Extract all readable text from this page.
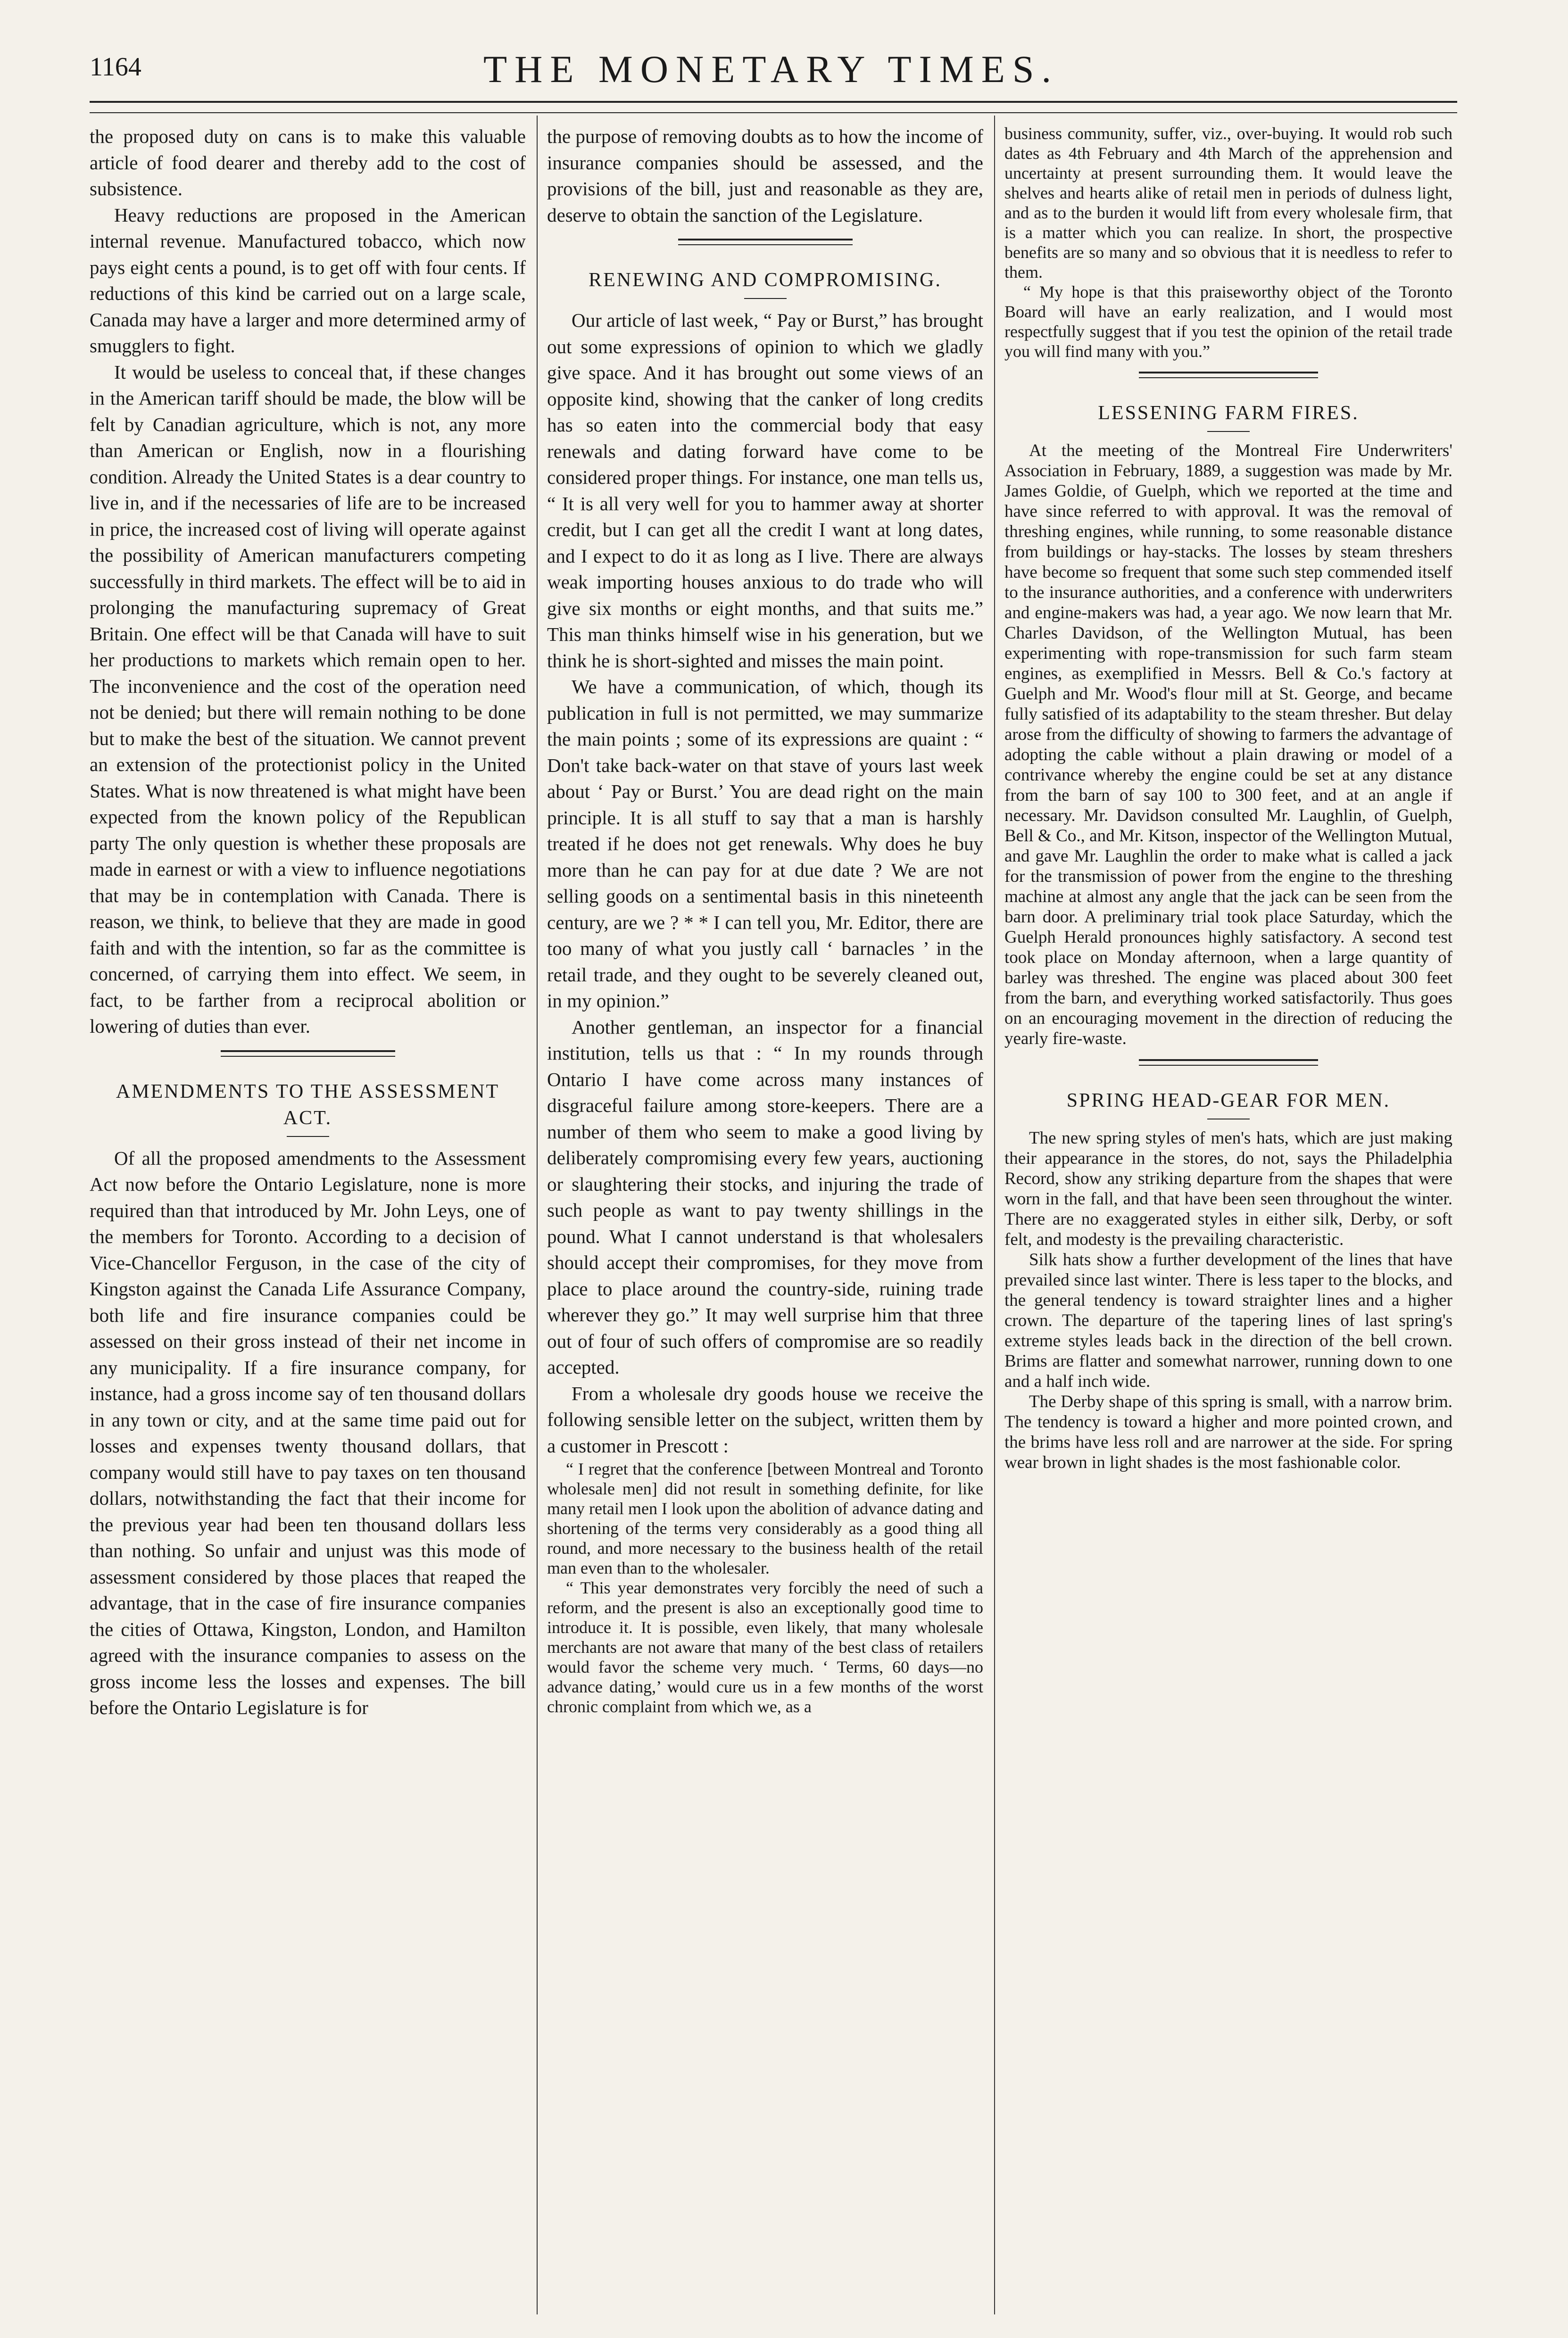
1164	THE MONETARY TIMES.

the proposed duty on cans is to make this valuable article of food dearer and thereby add to the cost of subsistence.

Heavy reductions are proposed in the American internal revenue. Manufactured tobacco, which now pays eight cents a pound, is to get off with four cents. If reductions of this kind be carried out on a large scale, Canada may have a larger and more determined army of smugglers to fight.

It would be useless to conceal that, if these changes in the American tariff should be made, the blow will be felt by Canadian agriculture, which is not, any more than American or English, now in a flourishing condition. Already the United States is a dear country to live in, and if the necessaries of life are to be increased in price, the increased cost of living will operate against the possibility of American manufacturers competing successfully in third markets. The effect will be to aid in prolonging the manufacturing supremacy of Great Britain. One effect will be that Canada will have to suit her productions to markets which remain open to her. The inconvenience and the cost of the operation need not be denied; but there will remain nothing to be done but to make the best of the situation. We cannot prevent an extension of the protectionist policy in the United States. What is now threatened is what might have been expected from the known policy of the Republican party The only question is whether these proposals are made in earnest or with a view to influence negotiations that may be in contemplation with Canada. There is reason, we think, to believe that they are made in good faith and with the intention, so far as the committee is concerned, of carrying them into effect. We seem, in fact, to be farther from a reciprocal abolition or lowering of duties than ever.

AMENDMENTS TO THE ASSESSMENT ACT.

Of all the proposed amendments to the Assessment Act now before the Ontario Legislature, none is more required than that introduced by Mr. John Leys, one of the members for Toronto. According to a decision of Vice-Chancellor Ferguson, in the case of the city of Kingston against the Canada Life Assurance Company, both life and fire insurance companies could be assessed on their gross instead of their net income in any municipality. If a fire insurance company, for instance, had a gross income say of ten thousand dollars in any town or city, and at the same time paid out for losses and expenses twenty thousand dollars, that company would still have to pay taxes on ten thousand dollars, notwithstanding the fact that their income for the previous year had been ten thousand dollars less than nothing. So unfair and unjust was this mode of assessment considered by those places that reaped the advantage, that in the case of fire insurance companies the cities of Ottawa, Kingston, London, and Hamilton agreed with the insurance companies to assess on the gross income less the losses and expenses. The bill before the Ontario Legislature is for

the purpose of removing doubts as to how the income of insurance companies should be assessed, and the provisions of the bill, just and reasonable as they are, deserve to obtain the sanction of the Legislature.

RENEWING AND COMPROMISING.

Our article of last week, “ Pay or Burst,” has brought out some expressions of opinion to which we gladly give space. And it has brought out some views of an opposite kind, showing that the canker of long credits has so eaten into the commercial body that easy renewals and dating forward have come to be considered proper things. For instance, one man tells us, “ It is all very well for you to hammer away at shorter credit, but I can get all the credit I want at long dates, and I expect to do it as long as I live. There are always weak importing houses anxious to do trade who will give six months or eight months, and that suits me.” This man thinks himself wise in his generation, but we think he is short-sighted and misses the main point.

We have a communication, of which, though its publication in full is not permitted, we may summarize the main points ; some of its expressions are quaint : “ Don't take back-water on that stave of yours last week about ‘ Pay or Burst.’ You are dead right on the main principle. It is all stuff to say that a man is harshly treated if he does not get renewals. Why does he buy more than he can pay for at due date ? We are not selling goods on a sentimental basis in this nineteenth century, are we ? * * I can tell you, Mr. Editor, there are too many of what you justly call ‘ barnacles ’ in the retail trade, and they ought to be severely cleaned out, in my opinion.”

Another gentleman, an inspector for a financial institution, tells us that : “ In my rounds through Ontario I have come across many instances of disgraceful failure among store-keepers. There are a number of them who seem to make a good living by deliberately compromising every few years, auctioning or slaughtering their stocks, and injuring the trade of such people as want to pay twenty shillings in the pound. What I cannot understand is that wholesalers should accept their compromises, for they move from place to place around the country-side, ruining trade wherever they go.” It may well surprise him that three out of four of such offers of compromise are so readily accepted.

From a wholesale dry goods house we receive the following sensible letter on the subject, written them by a customer in Prescott :

“ I regret that the conference [between Montreal and Toronto wholesale men] did not result in something definite, for like many retail men I look upon the abolition of advance dating and shortening of the terms very considerably as a good thing all round, and more necessary to the business health of the retail man even than to the wholesaler.

“ This year demonstrates very forcibly the need of such a reform, and the present is also an exceptionally good time to introduce it. It is possible, even likely, that many wholesale merchants are not aware that many of the best class of retailers would favor the scheme very much. ‘ Terms, 60 days—no advance dating,’ would cure us in a few months of the worst chronic complaint from which we, as a

business community, suffer, viz., over-buying. It would rob such dates as 4th February and 4th March of the apprehension and uncertainty at present surrounding them. It would leave the shelves and hearts alike of retail men in periods of dulness light, and as to the burden it would lift from every wholesale firm, that is a matter which you can realize. In short, the prospective benefits are so many and so obvious that it is needless to refer to them.

“ My hope is that this praiseworthy object of the Toronto Board will have an early realization, and I would most respectfully suggest that if you test the opinion of the retail trade you will find many with you.”

LESSENING FARM FIRES.

At the meeting of the Montreal Fire Underwriters' Association in February, 1889, a suggestion was made by Mr. James Goldie, of Guelph, which we reported at the time and have since referred to with approval. It was the removal of threshing engines, while running, to some reasonable distance from buildings or hay-stacks. The losses by steam threshers have become so frequent that some such step commended itself to the insurance authorities, and a conference with underwriters and engine-makers was had, a year ago. We now learn that Mr. Charles Davidson, of the Wellington Mutual, has been experimenting with rope-transmission for such farm steam engines, as exemplified in Messrs. Bell & Co.'s factory at Guelph and Mr. Wood's flour mill at St. George, and became fully satisfied of its adaptability to the steam thresher. But delay arose from the difficulty of showing to farmers the advantage of adopting the cable without a plain drawing or model of a contrivance whereby the engine could be set at any distance from the barn of say 100 to 300 feet, and at an angle if necessary. Mr. Davidson consulted Mr. Laughlin, of Guelph, Bell & Co., and Mr. Kitson, inspector of the Wellington Mutual, and gave Mr. Laughlin the order to make what is called a jack for the transmission of power from the engine to the threshing machine at almost any angle that the jack can be seen from the barn door. A preliminary trial took place Saturday, which the Guelph Herald pronounces highly satisfactory. A second test took place on Monday afternoon, when a large quantity of barley was threshed. The engine was placed about 300 feet from the barn, and everything worked satisfactorily. Thus goes on an encouraging movement in the direction of reducing the yearly fire-waste.

SPRING HEAD-GEAR FOR MEN.

The new spring styles of men's hats, which are just making their appearance in the stores, do not, says the Philadelphia Record, show any striking departure from the shapes that were worn in the fall, and that have been seen throughout the winter. There are no exaggerated styles in either silk, Derby, or soft felt, and modesty is the prevailing characteristic.

Silk hats show a further development of the lines that have prevailed since last winter. There is less taper to the blocks, and the general tendency is toward straighter lines and a higher crown. The departure of the tapering lines of last spring's extreme styles leads back in the direction of the bell crown. Brims are flatter and somewhat narrower, running down to one and a half inch wide.

The Derby shape of this spring is small, with a narrow brim. The tendency is toward a higher and more pointed crown, and the brims have less roll and are narrower at the side. For spring wear brown in light shades is the most fashionable color.
